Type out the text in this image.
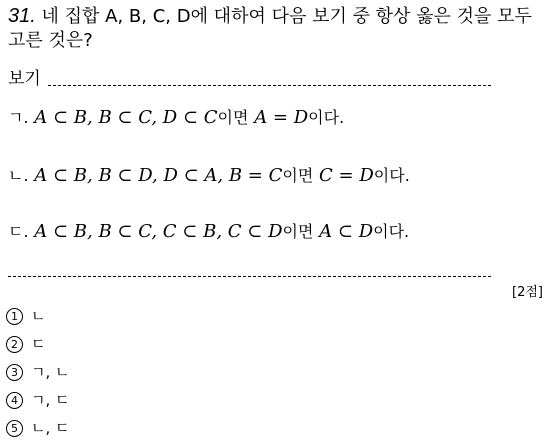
31. 네 집합 A, B, C, D에 대하여 다음 보기 중 항상 옳은 것을 모두 고른 것은?
보기
ㄱ. A ⊂ B, B ⊂ C, D ⊂ C이면 A = D이다.
ㄴ. A ⊂ B, B ⊂ D, D ⊂ A, B = C이면 C = D이다.
ㄷ. A ⊂ B, B ⊂ C, C ⊂ B, C ⊂ D이면 A ⊂ D이다.
[2점]
1 ㄴ
2 ㄷ
3 ㄱ, ㄴ
4 ㄱ, ㄷ
5 ㄴ, ㄷ
